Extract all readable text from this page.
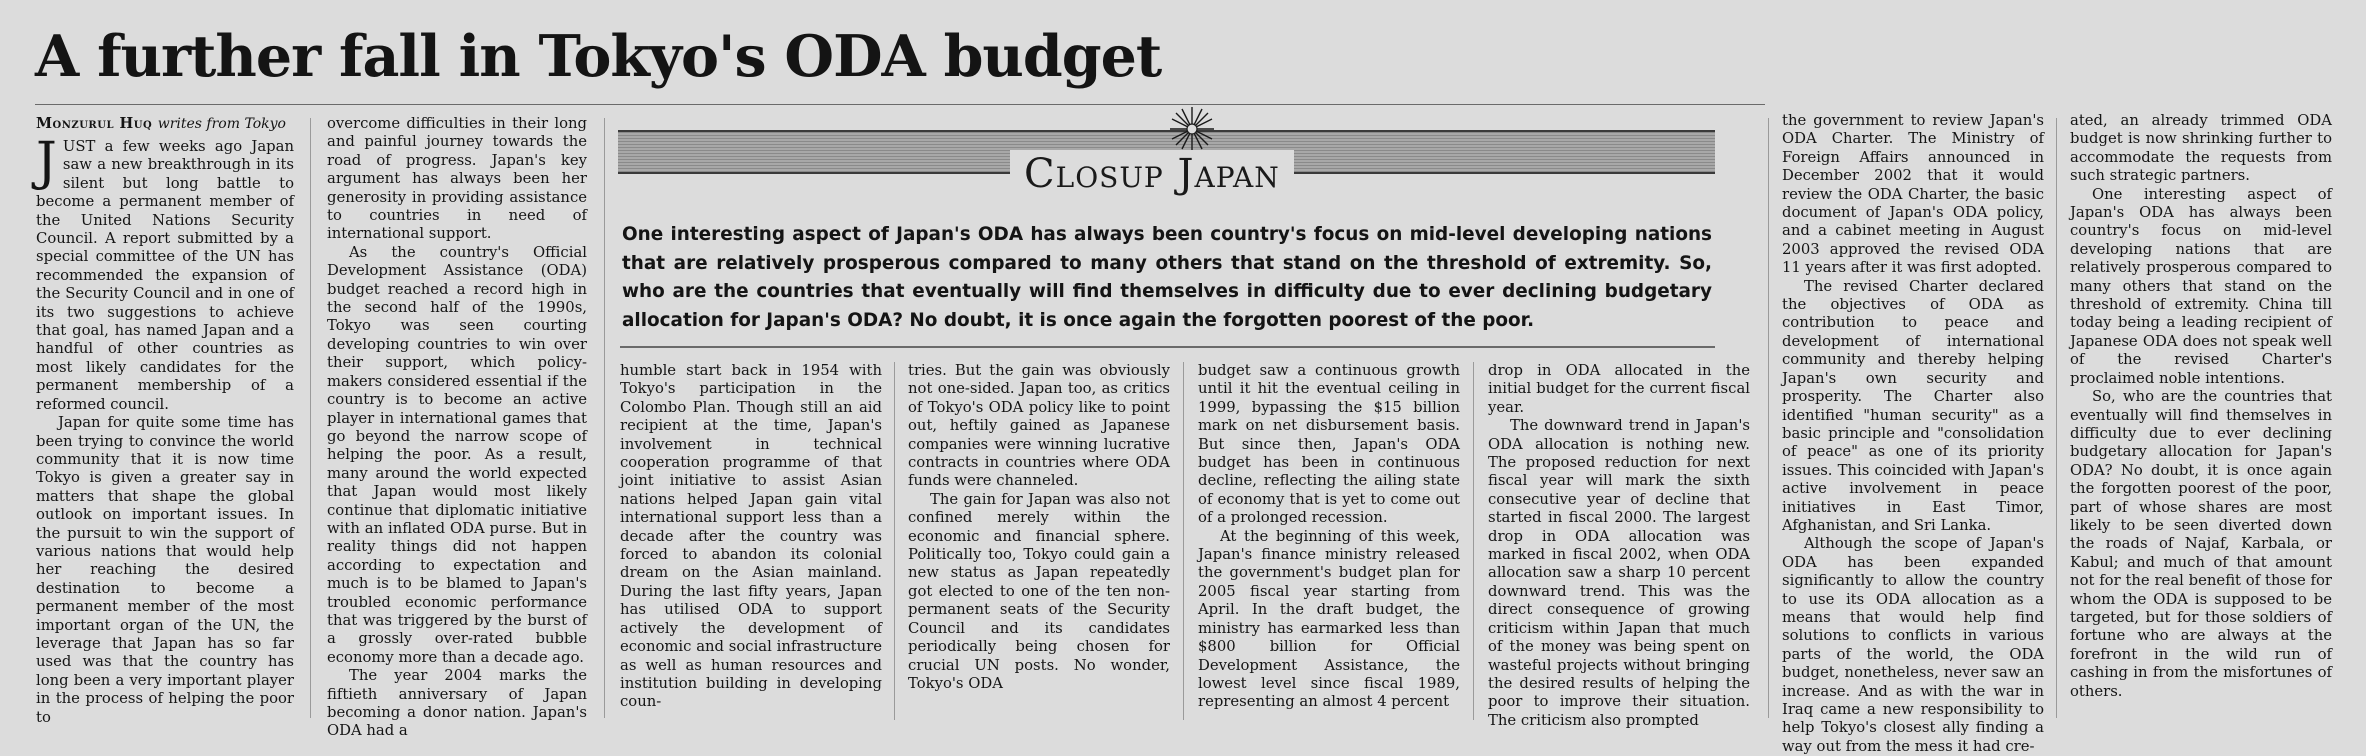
A further fall in Tokyo's ODA budget
Monzurul Huq writes from Tokyo

JUST a few weeks ago Japan saw a new breakthrough in its silent but long battle to become a permanent member of the United Nations Security Council. A report submitted by a special committee of the UN has recommended the expansion of the Security Council and in one of its two suggestions to achieve that goal, has named Japan and a handful of other countries as most likely candidates for the permanent membership of a reformed council.

Japan for quite some time has been trying to convince the world community that it is now time Tokyo is given a greater say in matters that shape the global outlook on important issues. In the pursuit to win the support of various nations that would help her reaching the desired destination to become a permanent member of the most important organ of the UN, the leverage that Japan has so far used was that the country has long been a very important player in the process of helping the poor to

overcome difficulties in their long and painful journey towards the road of progress. Japan's key argument has always been her generosity in providing assistance to countries in need of international support.

As the country's Official Development Assistance (ODA) budget reached a record high in the second half of the 1990s, Tokyo was seen courting developing countries to win over their support, which policy-makers considered essential if the country is to become an active player in international games that go beyond the narrow scope of helping the poor. As a result, many around the world expected that Japan would most likely continue that diplomatic initiative with an inflated ODA purse. But in reality things did not happen according to expectation and much is to be blamed to Japan's troubled economic performance that was triggered by the burst of a grossly over-rated bubble economy more than a decade ago.

The year 2004 marks the fiftieth anniversary of Japan becoming a donor nation. Japan's ODA had a

Closup Japan

One interesting aspect of Japan's ODA has always been country's focus on mid-level developing nations that are relatively prosperous compared to many others that stand on the threshold of extremity. So, who are the countries that eventually will find themselves in difficulty due to ever declining budgetary allocation for Japan's ODA? No doubt, it is once again the forgotten poorest of the poor.

humble start back in 1954 with Tokyo's participation in the Colombo Plan. Though still an aid recipient at the time, Japan's involvement in technical cooperation programme of that joint initiative to assist Asian nations helped Japan gain vital international support less than a decade after the country was forced to abandon its colonial dream on the Asian mainland. During the last fifty years, Japan has utilised ODA to support actively the development of economic and social infrastructure as well as human resources and institution building in developing coun-

tries. But the gain was obviously not one-sided. Japan too, as critics of Tokyo's ODA policy like to point out, heftily gained as Japanese companies were winning lucrative contracts in countries where ODA funds were channeled.

The gain for Japan was also not confined merely within the economic and financial sphere. Politically too, Tokyo could gain a new status as Japan repeatedly got elected to one of the ten non-permanent seats of the Security Council and its candidates periodically being chosen for crucial UN posts. No wonder, Tokyo's ODA

budget saw a continuous growth until it hit the eventual ceiling in 1999, bypassing the $15 billion mark on net disbursement basis. But since then, Japan's ODA budget has been in continuous decline, reflecting the ailing state of economy that is yet to come out of a prolonged recession.

At the beginning of this week, Japan's finance ministry released the government's budget plan for 2005 fiscal year starting from April. In the draft budget, the ministry has earmarked less than $800 billion for Official Development Assistance, the lowest level since fiscal 1989, representing an almost 4 percent

drop in ODA allocated in the initial budget for the current fiscal year.

The downward trend in Japan's ODA allocation is nothing new. The proposed reduction for next fiscal year will mark the sixth consecutive year of decline that started in fiscal 2000. The largest drop in ODA allocation was marked in fiscal 2002, when ODA allocation saw a sharp 10 percent downward trend. This was the direct consequence of growing criticism within Japan that much of the money was being spent on wasteful projects without bringing the desired results of helping the poor to improve their situation. The criticism also prompted

the government to review Japan's ODA Charter. The Ministry of Foreign Affairs announced in December 2002 that it would review the ODA Charter, the basic document of Japan's ODA policy, and a cabinet meeting in August 2003 approved the revised ODA 11 years after it was first adopted.

The revised Charter declared the objectives of ODA as contribution to peace and development of international community and thereby helping Japan's own security and prosperity. The Charter also identified "human security" as a basic principle and "consolidation of peace" as one of its priority issues. This coincided with Japan's active involvement in peace initiatives in East Timor, Afghanistan, and Sri Lanka.

Although the scope of Japan's ODA has been expanded significantly to allow the country to use its ODA allocation as a means that would help find solutions to conflicts in various parts of the world, the ODA budget, nonetheless, never saw an increase. And as with the war in Iraq came a new responsibility to help Tokyo's closest ally finding a way out from the mess it had cre-

ated, an already trimmed ODA budget is now shrinking further to accommodate the requests from such strategic partners.

One interesting aspect of Japan's ODA has always been country's focus on mid-level developing nations that are relatively prosperous compared to many others that stand on the threshold of extremity. China till today being a leading recipient of Japanese ODA does not speak well of the revised Charter's proclaimed noble intentions.

So, who are the countries that eventually will find themselves in difficulty due to ever declining budgetary allocation for Japan's ODA? No doubt, it is once again the forgotten poorest of the poor, part of whose shares are most likely to be seen diverted down the roads of Najaf, Karbala, or Kabul; and much of that amount not for the real benefit of those for whom the ODA is supposed to be targeted, but for those soldiers of fortune who are always at the forefront in the wild run of cashing in from the misfortunes of others.
